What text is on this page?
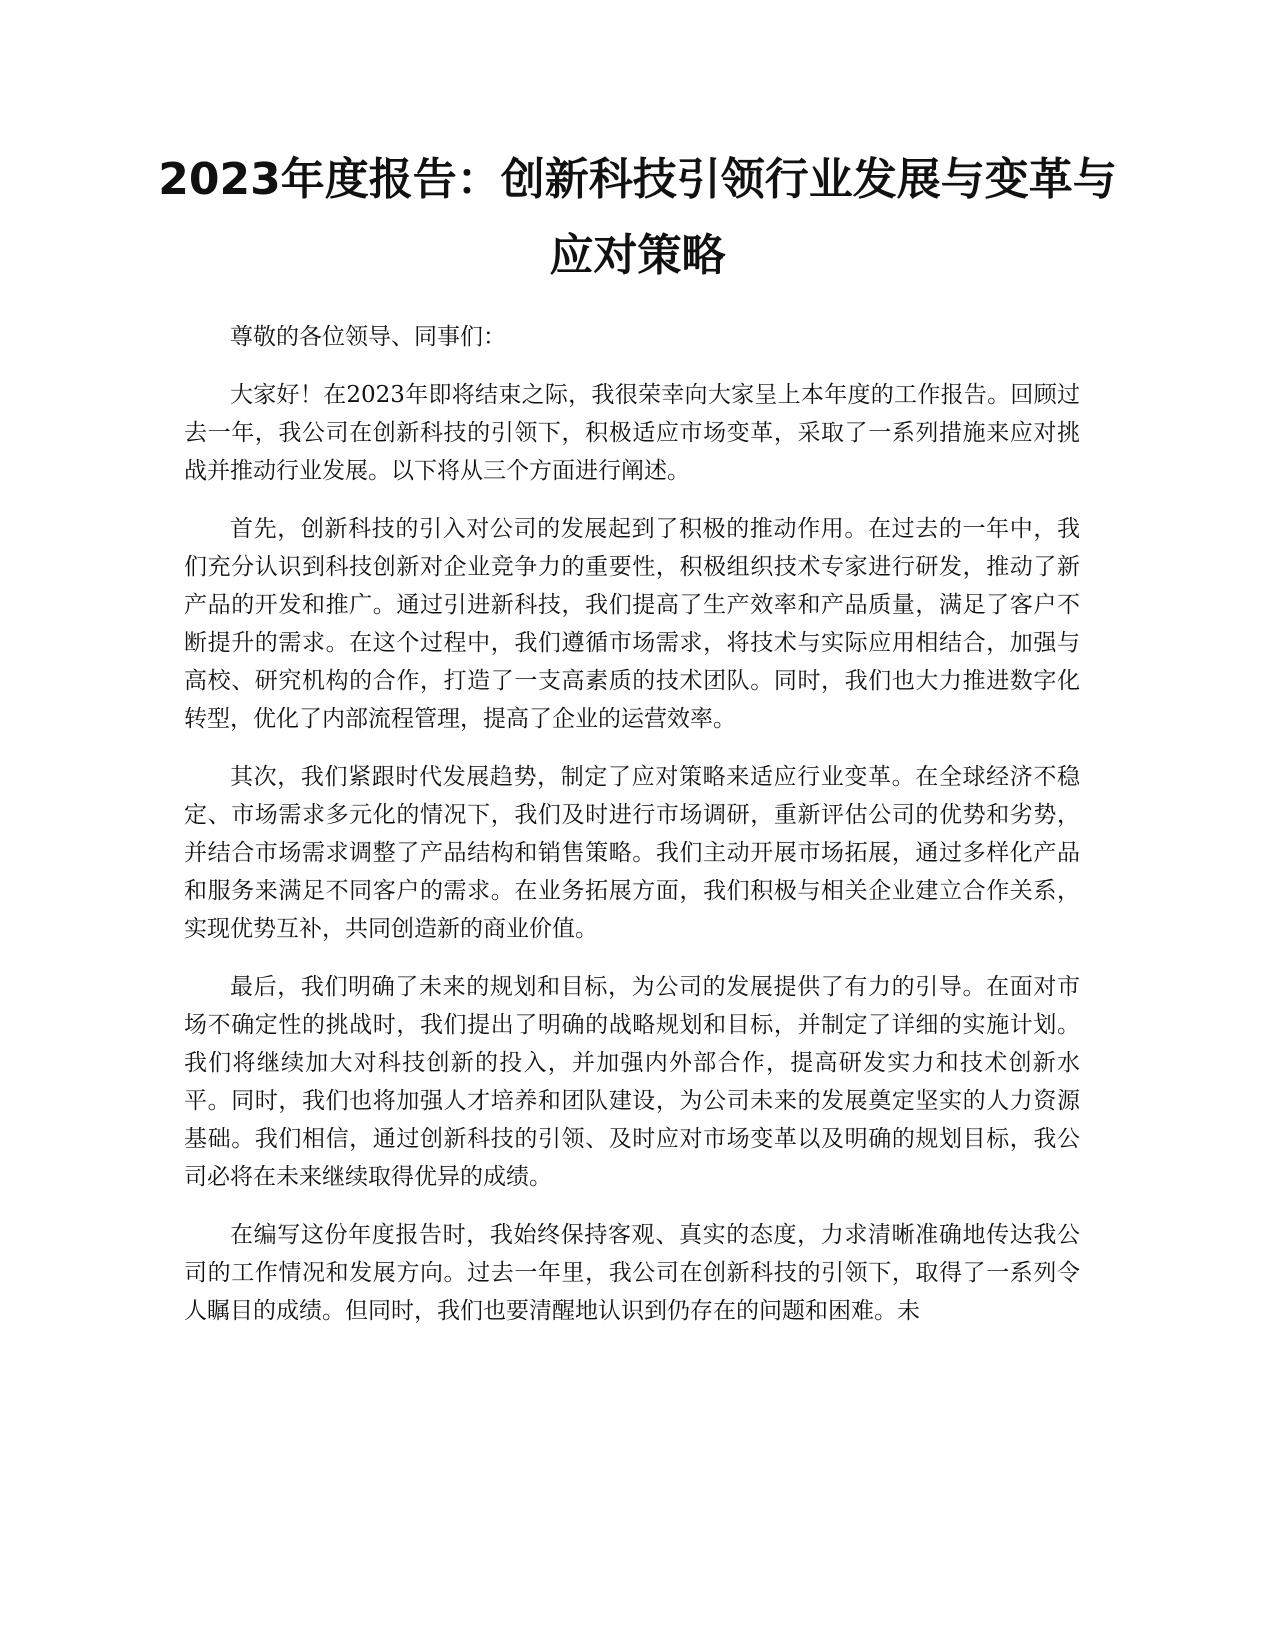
2023年度报告：创新科技引领行业发展与变革与应对策略

尊敬的各位领导、同事们：

大家好！在2023年即将结束之际，我很荣幸向大家呈上本年度的工作报告。回顾过去一年，我公司在创新科技的引领下，积极适应市场变革，采取了一系列措施来应对挑战并推动行业发展。以下将从三个方面进行阐述。

首先，创新科技的引入对公司的发展起到了积极的推动作用。在过去的一年中，我们充分认识到科技创新对企业竞争力的重要性，积极组织技术专家进行研发，推动了新产品的开发和推广。通过引进新科技，我们提高了生产效率和产品质量，满足了客户不断提升的需求。在这个过程中，我们遵循市场需求，将技术与实际应用相结合，加强与高校、研究机构的合作，打造了一支高素质的技术团队。同时，我们也大力推进数字化转型，优化了内部流程管理，提高了企业的运营效率。

其次，我们紧跟时代发展趋势，制定了应对策略来适应行业变革。在全球经济不稳定、市场需求多元化的情况下，我们及时进行市场调研，重新评估公司的优势和劣势，并结合市场需求调整了产品结构和销售策略。我们主动开展市场拓展，通过多样化产品和服务来满足不同客户的需求。在业务拓展方面，我们积极与相关企业建立合作关系，实现优势互补，共同创造新的商业价值。

最后，我们明确了未来的规划和目标，为公司的发展提供了有力的引导。在面对市场不确定性的挑战时，我们提出了明确的战略规划和目标，并制定了详细的实施计划。我们将继续加大对科技创新的投入，并加强内外部合作，提高研发实力和技术创新水平。同时，我们也将加强人才培养和团队建设，为公司未来的发展奠定坚实的人力资源基础。我们相信，通过创新科技的引领、及时应对市场变革以及明确的规划目标，我公司必将在未来继续取得优异的成绩。

在编写这份年度报告时，我始终保持客观、真实的态度，力求清晰准确地传达我公司的工作情况和发展方向。过去一年里，我公司在创新科技的引领下，取得了一系列令人瞩目的成绩。但同时，我们也要清醒地认识到仍存在的问题和困难。未
